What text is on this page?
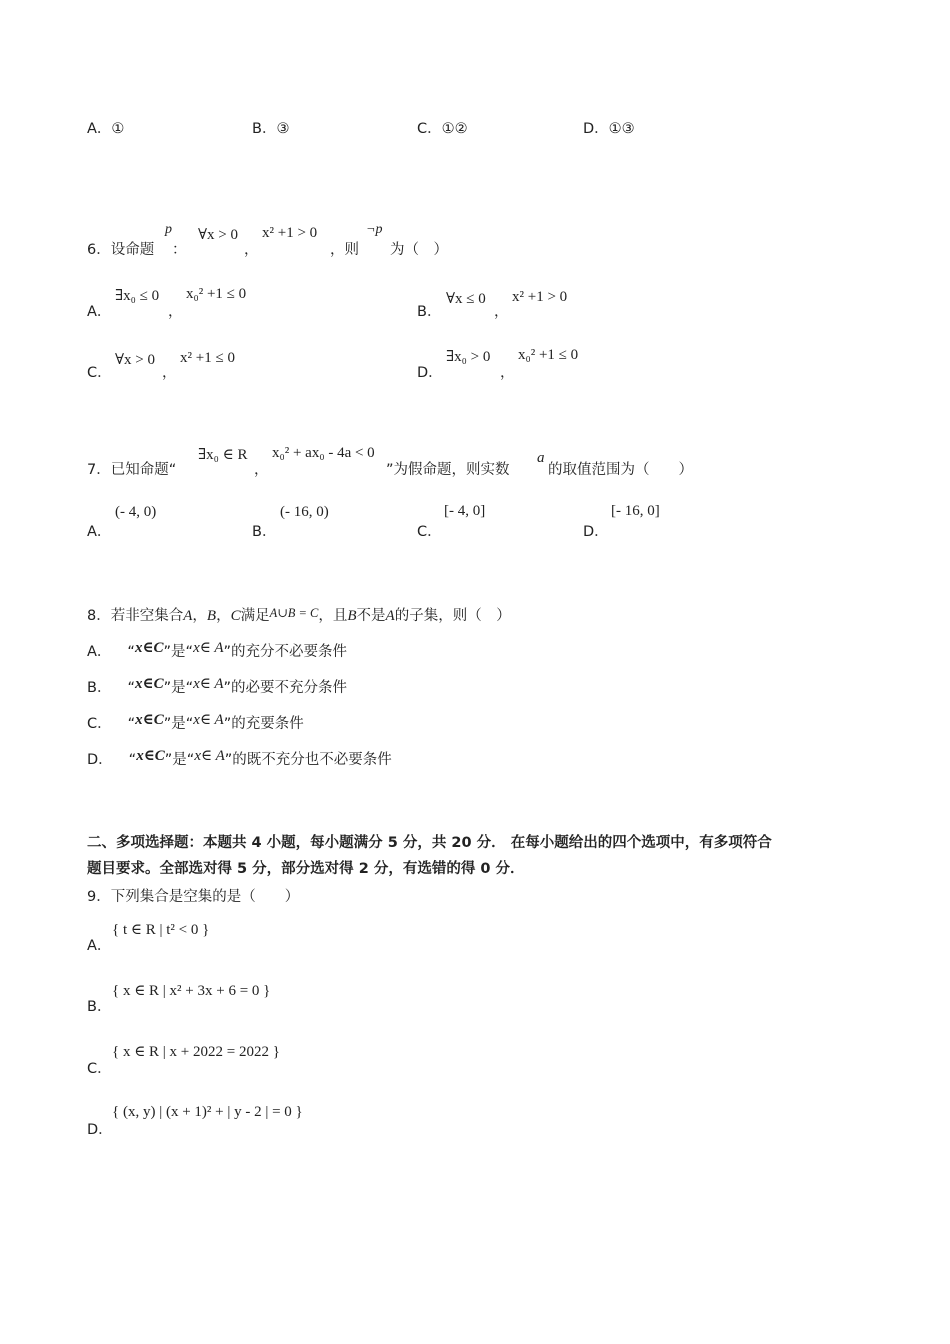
A．①	B．③	C．①②	D．①③
6．设命题
p
：
∀x > 0
，
x² +1 > 0
，则
¬p
为（　）
A．
∃x₀ ≤ 0
，
x₀² +1 ≤ 0
B．
∀x ≤ 0
，
x² +1 > 0
C．
∀x > 0
，
x² +1 ≤ 0
D．
∃x₀ > 0
，
x₀² +1 ≤ 0
7．已知命题“
∃x₀ ∈ R
，
x₀² + ax₀ - 4a < 0
”为假命题，则实数
a
的取值范围为（　　）
A．
(- 4, 0)
B．
(- 16, 0)
C．
[- 4, 0]
D．
[- 16, 0]
8．若非空集合A，B，C满足A∪B = C，且B不是A的子集，则（　）
A． “x∈C”是“x∈ A”的充分不必要条件
B． “x∈C”是“x∈ A”的必要不充分条件
C． “x∈C”是“x∈ A”的充要条件
D． “x∈C”是“x∈ A”的既不充分也不必要条件
二、多项选择题：本题共 4 小题，每小题满分 5 分，共 20 分． 在每小题给出的四个选项中，有多项符合
题目要求。全部选对得 5 分，部分选对得 2 分，有选错的得 0 分．
9．下列集合是空集的是（　　）
A．
{ t ∈ R | t² < 0 }
B．
{ x ∈ R | x² + 3x + 6 = 0 }
C．
{ x ∈ R | x + 2022 = 2022 }
D．
{ (x, y) | (x + 1)² + | y - 2 | = 0 }
